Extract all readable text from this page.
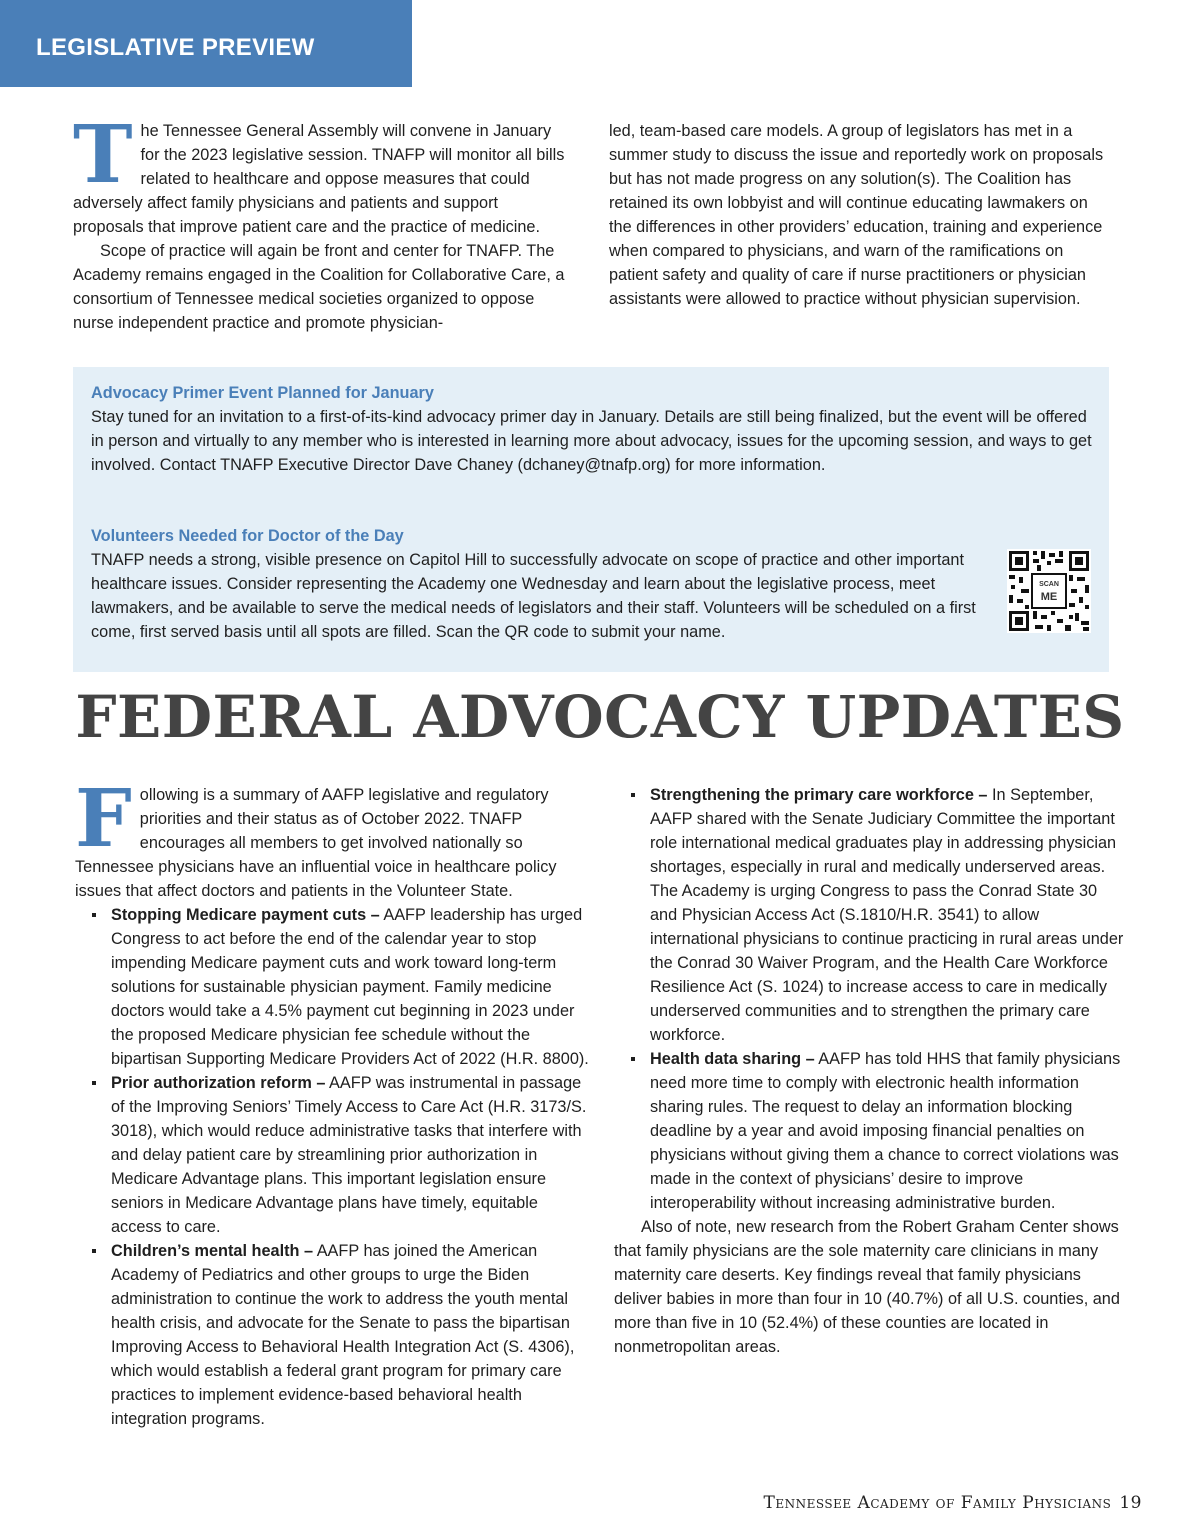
LEGISLATIVE PREVIEW

The Tennessee General Assembly will convene in January for the 2023 legislative session. TNAFP will monitor all bills related to healthcare and oppose measures that could adversely affect family physicians and patients and support proposals that improve patient care and the practice of medicine.

Scope of practice will again be front and center for TNAFP. The Academy remains engaged in the Coalition for Collaborative Care, a consortium of Tennessee medical societies organized to oppose nurse independent practice and promote physician-

led, team-based care models. A group of legislators has met in a summer study to discuss the issue and reportedly work on proposals but has not made progress on any solution(s). The Coalition has retained its own lobbyist and will continue educating lawmakers on the differences in other providers’ education, training and experience when compared to physicians, and warn of the ramifications on patient safety and quality of care if nurse practitioners or physician assistants were allowed to practice without physician supervision.

Advocacy Primer Event Planned for January

Stay tuned for an invitation to a first-of-its-kind advocacy primer day in January. Details are still being finalized, but the event will be offered in person and virtually to any member who is interested in learning more about advocacy, issues for the upcoming session, and ways to get involved. Contact TNAFP Executive Director Dave Chaney (dchaney@tnafp.org) for more information.

Volunteers Needed for Doctor of the Day

TNAFP needs a strong, visible presence on Capitol Hill to successfully advocate on scope of practice and other important healthcare issues. Consider representing the Academy one Wednesday and learn about the legislative process, meet lawmakers, and be available to serve the medical needs of legislators and their staff. Volunteers will be scheduled on a first come, first served basis until all spots are filled. Scan the QR code to submit your name.

SCAN
ME
FEDERAL ADVOCACY UPDATES

Following is a summary of AAFP legislative and regulatory priorities and their status as of October 2022. TNAFP encourages all members to get involved nationally so Tennessee physicians have an influential voice in healthcare policy issues that affect doctors and patients in the Volunteer State.

Stopping Medicare payment cuts – AAFP leadership has urged Congress to act before the end of the calendar year to stop impending Medicare payment cuts and work toward long-term solutions for sustainable physician payment. Family medicine doctors would take a 4.5% payment cut beginning in 2023 under the proposed Medicare physician fee schedule without the bipartisan Supporting Medicare Providers Act of 2022 (H.R. 8800).
Prior authorization reform – AAFP was instrumental in passage of the Improving Seniors’ Timely Access to Care Act (H.R. 3173/S. 3018), which would reduce administrative tasks that interfere with and delay patient care by streamlining prior authorization in Medicare Advantage plans. This important legislation ensure seniors in Medicare Advantage plans have timely, equitable access to care.
Children’s mental health – AAFP has joined the American Academy of Pediatrics and other groups to urge the Biden administration to continue the work to address the youth mental health crisis, and advocate for the Senate to pass the bipartisan Improving Access to Behavioral Health Integration Act (S. 4306), which would establish a federal grant program for primary care practices to implement evidence-based behavioral health integration programs.
Strengthening the primary care workforce – In September, AAFP shared with the Senate Judiciary Committee the important role international medical graduates play in addressing physician shortages, especially in rural and medically underserved areas. The Academy is urging Congress to pass the Conrad State 30 and Physician Access Act (S.1810/H.R. 3541) to allow international physicians to continue practicing in rural areas under the Conrad 30 Waiver Program, and the Health Care Workforce Resilience Act (S. 1024) to increase access to care in medically underserved communities and to strengthen the primary care workforce.
Health data sharing – AAFP has told HHS that family physicians need more time to comply with electronic health information sharing rules. The request to delay an information blocking deadline by a year and avoid imposing financial penalties on physicians without giving them a chance to correct violations was made in the context of physicians’ desire to improve interoperability without increasing administrative burden.

Also of note, new research from the Robert Graham Center shows that family physicians are the sole maternity care clinicians in many maternity care deserts. Key findings reveal that family physicians deliver babies in more than four in 10 (40.7%) of all U.S. counties, and more than five in 10 (52.4%) of these counties are located in nonmetropolitan areas.

Tennessee Academy of Family Physicians 19
